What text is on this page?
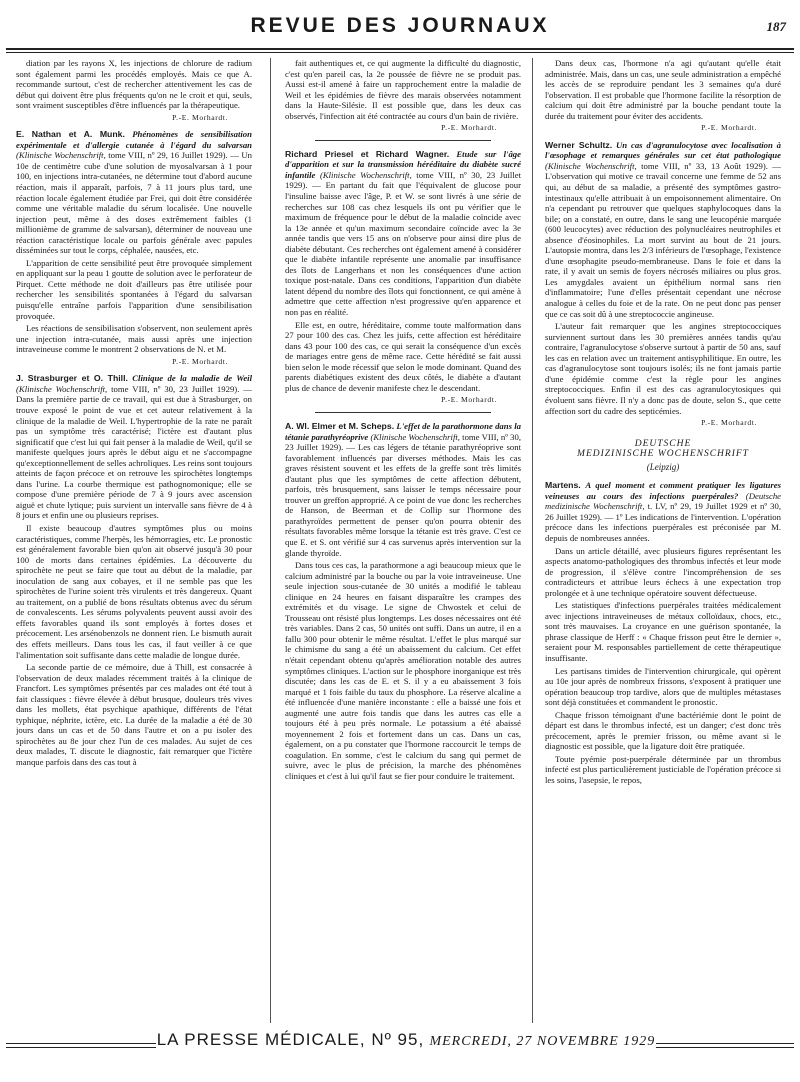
REVUE DES JOURNAUX	187

diation par les rayons X, les injections de chlorure de radium sont également parmi les procédés employés. Mais ce que A. recommande surtout, c'est de rechercher attentivement les cas de début qui doivent être plus fréquents qu'on ne le croit et qui, seuls, sont vraiment susceptibles d'être influencés par la thérapeutique.

P.-E. Morhardt.

E. Nathan et A. Munk. Phénomènes de sensibilisation expérimentale et d'allergie cutanée à l'égard du salvarsan (Klinische Wochenschrift, tome VIII, nº 29, 16 Juillet 1929). — Un 10e de centimètre cube d'une solution de myosalvarsan à 1 pour 100, en injections intra-cutanées, ne détermine tout d'abord aucune réaction, mais il apparaît, parfois, 7 à 11 jours plus tard, une réaction locale également étudiée par Frei, qui doit être considérée comme une véritable maladie du sérum localisée. Une nouvelle injection peut, même à des doses extrêmement faibles (1 millionième de gramme de salvarsan), déterminer de nouveau une réaction caractéristique locale ou parfois générale avec papules disséminées sur tout le corps, céphalée, nausées, etc.

L'apparition de cette sensibilité peut être provoquée simplement en appliquant sur la peau 1 goutte de solution avec le perforateur de Pirquet. Cette méthode ne doit d'ailleurs pas être utilisée pour rechercher les sensibilités spontanées à l'égard du salvarsan puisqu'elle entraîne parfois l'apparition d'une sensibilisation provoquée.

Les réactions de sensibilisation s'observent, non seulement après une injection intra-cutanée, mais aussi après une injection intraveineuse comme le montrent 2 observations de N. et M.

P.-E. Morhardt.

J. Strasburger et O. Thill. Clinique de la maladie de Weil (Klinische Wochenschrift, tome VIII, nº 30, 23 Juillet 1929). — Dans la première partie de ce travail, qui est due à Strasburger, on trouve exposé le point de vue et cet auteur relativement à la clinique de la maladie de Weil. L'hypertrophie de la rate ne paraît pas un symptôme très caractérisé; l'ictère est d'autant plus significatif que c'est lui qui fait penser à la maladie de Weil, qu'il se manifeste quelques jours après le début aigu et ne s'accompagne qu'exceptionnellement de selles achroliques. Les reins sont toujours atteints de façon précoce et on retrouve les spirochètes longtemps dans l'urine. La courbe thermique est pathognomonique; elle se compose d'une première période de 7 à 9 jours avec ascension aiguë et chute lytique; puis survient un intervalle sans fièvre de 4 à 8 jours et enfin une ou plusieurs reprises.

Il existe beaucoup d'autres symptômes plus ou moins caractéristiques, comme l'herpès, les hémorragies, etc. Le pronostic est généralement favorable bien qu'on ait observé jusqu'à 30 pour 100 de morts dans certaines épidémies. La découverte du spirochète ne peut se faire que tout au début de la maladie, par inoculation de sang aux cobayes, et il ne semble pas que les spirochètes de l'urine soient très virulents et très dangereux. Quant au traitement, on a publié de bons résultats obtenus avec du sérum de convalescents. Les sérums polyvalents peuvent aussi avoir des effets favorables quand ils sont employés à fortes doses et précocement. Les arsénobenzols ne donnent rien. Le bismuth aurait des effets meilleurs. Dans tous les cas, il faut veiller à ce que l'alimentation soit suffisante dans cette maladie de longue durée.

La seconde partie de ce mémoire, due à Thill, est consacrée à l'observation de deux malades récemment traités à la clinique de Francfort. Les symptômes présentés par ces malades ont été tout à fait classiques : fièvre élevée à début brusque, douleurs très vives dans les mollets, état psychique apathique, différents de l'état typhique, néphrite, ictère, etc. La durée de la maladie a été de 30 jours dans un cas et de 50 dans l'autre et on a pu isoler des spirochètes au 8e jour chez l'un de ces malades. Au sujet de ces deux malades, T. discute le diagnostic, fait remarquer que l'ictère manque parfois dans des cas tout à

fait authentiques et, ce qui augmente la difficulté du diagnostic, c'est qu'en pareil cas, la 2e poussée de fièvre ne se produit pas. Aussi est-il amené à faire un rapprochement entre la maladie de Weil et les épidémies de fièvre des marais observées notamment dans la Haute-Silésie. Il est possible que, dans les deux cas observés, l'infection ait été contractée au cours d'un bain de rivière.

P.-E. Morhardt.

Richard Priesel et Richard Wagner. Etude sur l'âge d'apparition et sur la transmission héréditaire du diabète sucré infantile (Klinische Wochenschrift, tome VIII, nº 30, 23 Juillet 1929). — En partant du fait que l'équivalent de glucose pour l'insuline baisse avec l'âge, P. et W. se sont livrés à une série de recherches sur 108 cas chez lesquels ils ont pu vérifier que le maximum de fréquence pour le début de la maladie coïncide avec la 13e année et qu'un maximum secondaire coïncide avec la 3e année tandis que vers 15 ans on n'observe pour ainsi dire plus de diabète débutant. Ces recherches ont également amené à considérer que le diabète infantile représente une anomalie par insuffisance des îlots de Langerhans et non les conséquences d'une action toxique post-natale. Dans ces conditions, l'apparition d'un diabète latent dépend du nombre des îlots qui fonctionnent, ce qui amène à admettre que cette affection n'est progressive qu'en apparence et non pas en réalité.

Elle est, en outre, héréditaire, comme toute malformation dans 27 pour 100 des cas. Chez les juifs, cette affection est héréditaire dans 43 pour 100 des cas, ce qui serait la conséquence d'un excès de mariages entre gens de même race. Cette hérédité se fait aussi bien selon le mode récessif que selon le mode dominant. Quand des parents diabétiques existent des deux côtés, le diabète a d'autant plus de chance de devenir manifeste chez le descendant.

P.-E. Morhardt.

A. Wl. Elmer et M. Scheps. L'effet de la parathormone dans la tétanie parathyréoprive (Klinische Wochenschrift, tome VIII, nº 30, 23 Juillet 1929). — Les cas légers de tétanie parathyréoprive sont favorablement influencés par diverses méthodes. Mais les cas graves résistent souvent et les effets de la greffe sont très limités d'autant plus que les symptômes de cette affection débutent, parfois, très brusquement, sans laisser le temps nécessaire pour trouver un greffon approprié. A ce point de vue donc les recherches de Hanson, de Beerman et de Collip sur l'hormone des parathyroïdes permettent de penser qu'on pourra obtenir des résultats favorables même lorsque la tétanie est très grave. C'est ce que E. et S. ont vérifié sur 4 cas survenus après intervention sur la glande thyroïde.

Dans tous ces cas, la parathormone a agi beaucoup mieux que le calcium administré par la bouche ou par la voie intraveineuse. Une seule injection sous-cutanée de 30 unités a modifié le tableau clinique en 24 heures en faisant disparaître les crampes des extrémités et du visage. Le signe de Chwostek et celui de Trousseau ont résisté plus longtemps. Les doses nécessaires ont été très variables. Dans 2 cas, 50 unités ont suffi. Dans un autre, il en a fallu 300 pour obtenir le même résultat. L'effet le plus marqué sur le chimisme du sang a été un abaissement du calcium. Cet effet n'était cependant obtenu qu'après amélioration notable des autres symptômes cliniques. L'action sur le phosphore inorganique est très discutée; dans les cas de E. et S. il y a eu abaissement 3 fois marqué et 1 fois faible du taux du phosphore. La réserve alcaline a été influencée d'une manière inconstante : elle a baissé une fois et augmenté une autre fois tandis que dans les autres cas elle a toujours été à peu près normale. Le potassium a été abaissé moyennement 2 fois et fortement dans un cas. Dans un cas, également, on a pu constater que l'hormone raccourcit le temps de coagulation. En somme, c'est le calcium du sang qui permet de suivre, avec le plus de précision, la marche des phénomènes cliniques et c'est à lui qu'il faut se fier pour conduire le traitement.

Dans deux cas, l'hormone n'a agi qu'autant qu'elle était administrée. Mais, dans un cas, une seule administration a empêché les accès de se reproduire pendant les 3 semaines qu'a duré l'observation. Il est probable que l'hormone facilite la résorption de calcium qui doit être administré par la bouche pendant toute la durée du traitement pour éviter des accidents.

P.-E. Morhardt.

Werner Schultz. Un cas d'agranulocytose avec localisation à l'œsophage et remarques générales sur cet état pathologique (Klinische Wochenschrift, tome VIII, nº 33, 13 Août 1929). — L'observation qui motive ce travail concerne une femme de 52 ans qui, au début de sa maladie, a présenté des symptômes gastro-intestinaux qu'elle attribuait à un empoisonnement alimentaire. On n'a cependant pu retrouver que quelques staphylocoques dans la bile; on a constaté, en outre, dans le sang une leucopénie marquée (600 leucocytes) avec réduction des polynucléaires neutrophiles et absence d'éosinophiles. La mort survint au bout de 21 jours. L'autopsie montra, dans les 2/3 inférieurs de l'œsophage, l'existence d'une œsophagite pseudo-membraneuse. Dans le foie et dans la rate, il y avait un semis de foyers nécrosés miliaires ou plus gros. Les amygdales avaient un épithélium normal sans rien d'inflammatoire; l'une d'elles présentait cependant une nécrose analogue à celles du foie et de la rate. On ne peut donc pas penser que ce cas soit dû à une streptococcie angineuse.

L'auteur fait remarquer que les angines streptococciques surviennent surtout dans les 30 premières années tandis qu'au contraire, l'agranulocytose s'observe surtout à partir de 50 ans, sauf les cas en relation avec un traitement antisyphilitique. En outre, les cas d'agranulocytose sont toujours isolés; ils ne font jamais partie d'une épidémie comme c'est la règle pour les angines streptococciques. Enfin il est des cas agranulocytosiques qui évoluent sans fièvre. Il n'y a donc pas de doute, selon S., que cette affection sort du cadre des septicémies.

P.-E. Morhardt.

DEUTSCHE
MEDIZINISCHE WOCHENSCHRIFT

(Leipzig)

Martens. A quel moment et comment pratiquer les ligatures veineuses au cours des infections puerpérales? (Deutsche medizinische Wochenschrift, t. LV, nº 29, 19 Juillet 1929 et nº 30, 26 Juillet 1929). — 1º Les indications de l'intervention. L'opération précoce dans les infections puerpérales est préconisée par M. depuis de nombreuses années.

Dans un article détaillé, avec plusieurs figures représentant les aspects anatomo-pathologiques des thrombus infectés et leur mode de progression, il s'élève contre l'incompréhension de ses contradicteurs et attribue leurs échecs à une expectation trop prolongée et à une technique opératoire souvent défectueuse.

Les statistiques d'infections puerpérales traitées médicalement avec injections intraveineuses de métaux colloïdaux, chocs, etc., sont très mauvaises. La croyance en une guérison spontanée, la phrase classique de Herff : « Chaque frisson peut être le dernier », seraient pour M. responsables partiellement de cette thérapeutique insuffisante.

Les partisans timides de l'intervention chirurgicale, qui opèrent au 10e jour après de nombreux frissons, s'exposent à pratiquer une opération beaucoup trop tardive, alors que de multiples métastases sont déjà constituées et commandent le pronostic.

Chaque frisson témoignant d'une bactériémie dont le point de départ est dans le thrombus infecté, est un danger; c'est donc très précocement, après le premier frisson, ou même avant si le diagnostic est possible, que la ligature doit être pratiquée.

Toute pyémie post-puerpérale déterminée par un thrombus infecté est plus particulièrement justiciable de l'opération précoce si les soins, l'asepsie, le repos,

LA PRESSE MÉDICALE, Nº 95, MERCREDI, 27 NOVEMBRE 1929
